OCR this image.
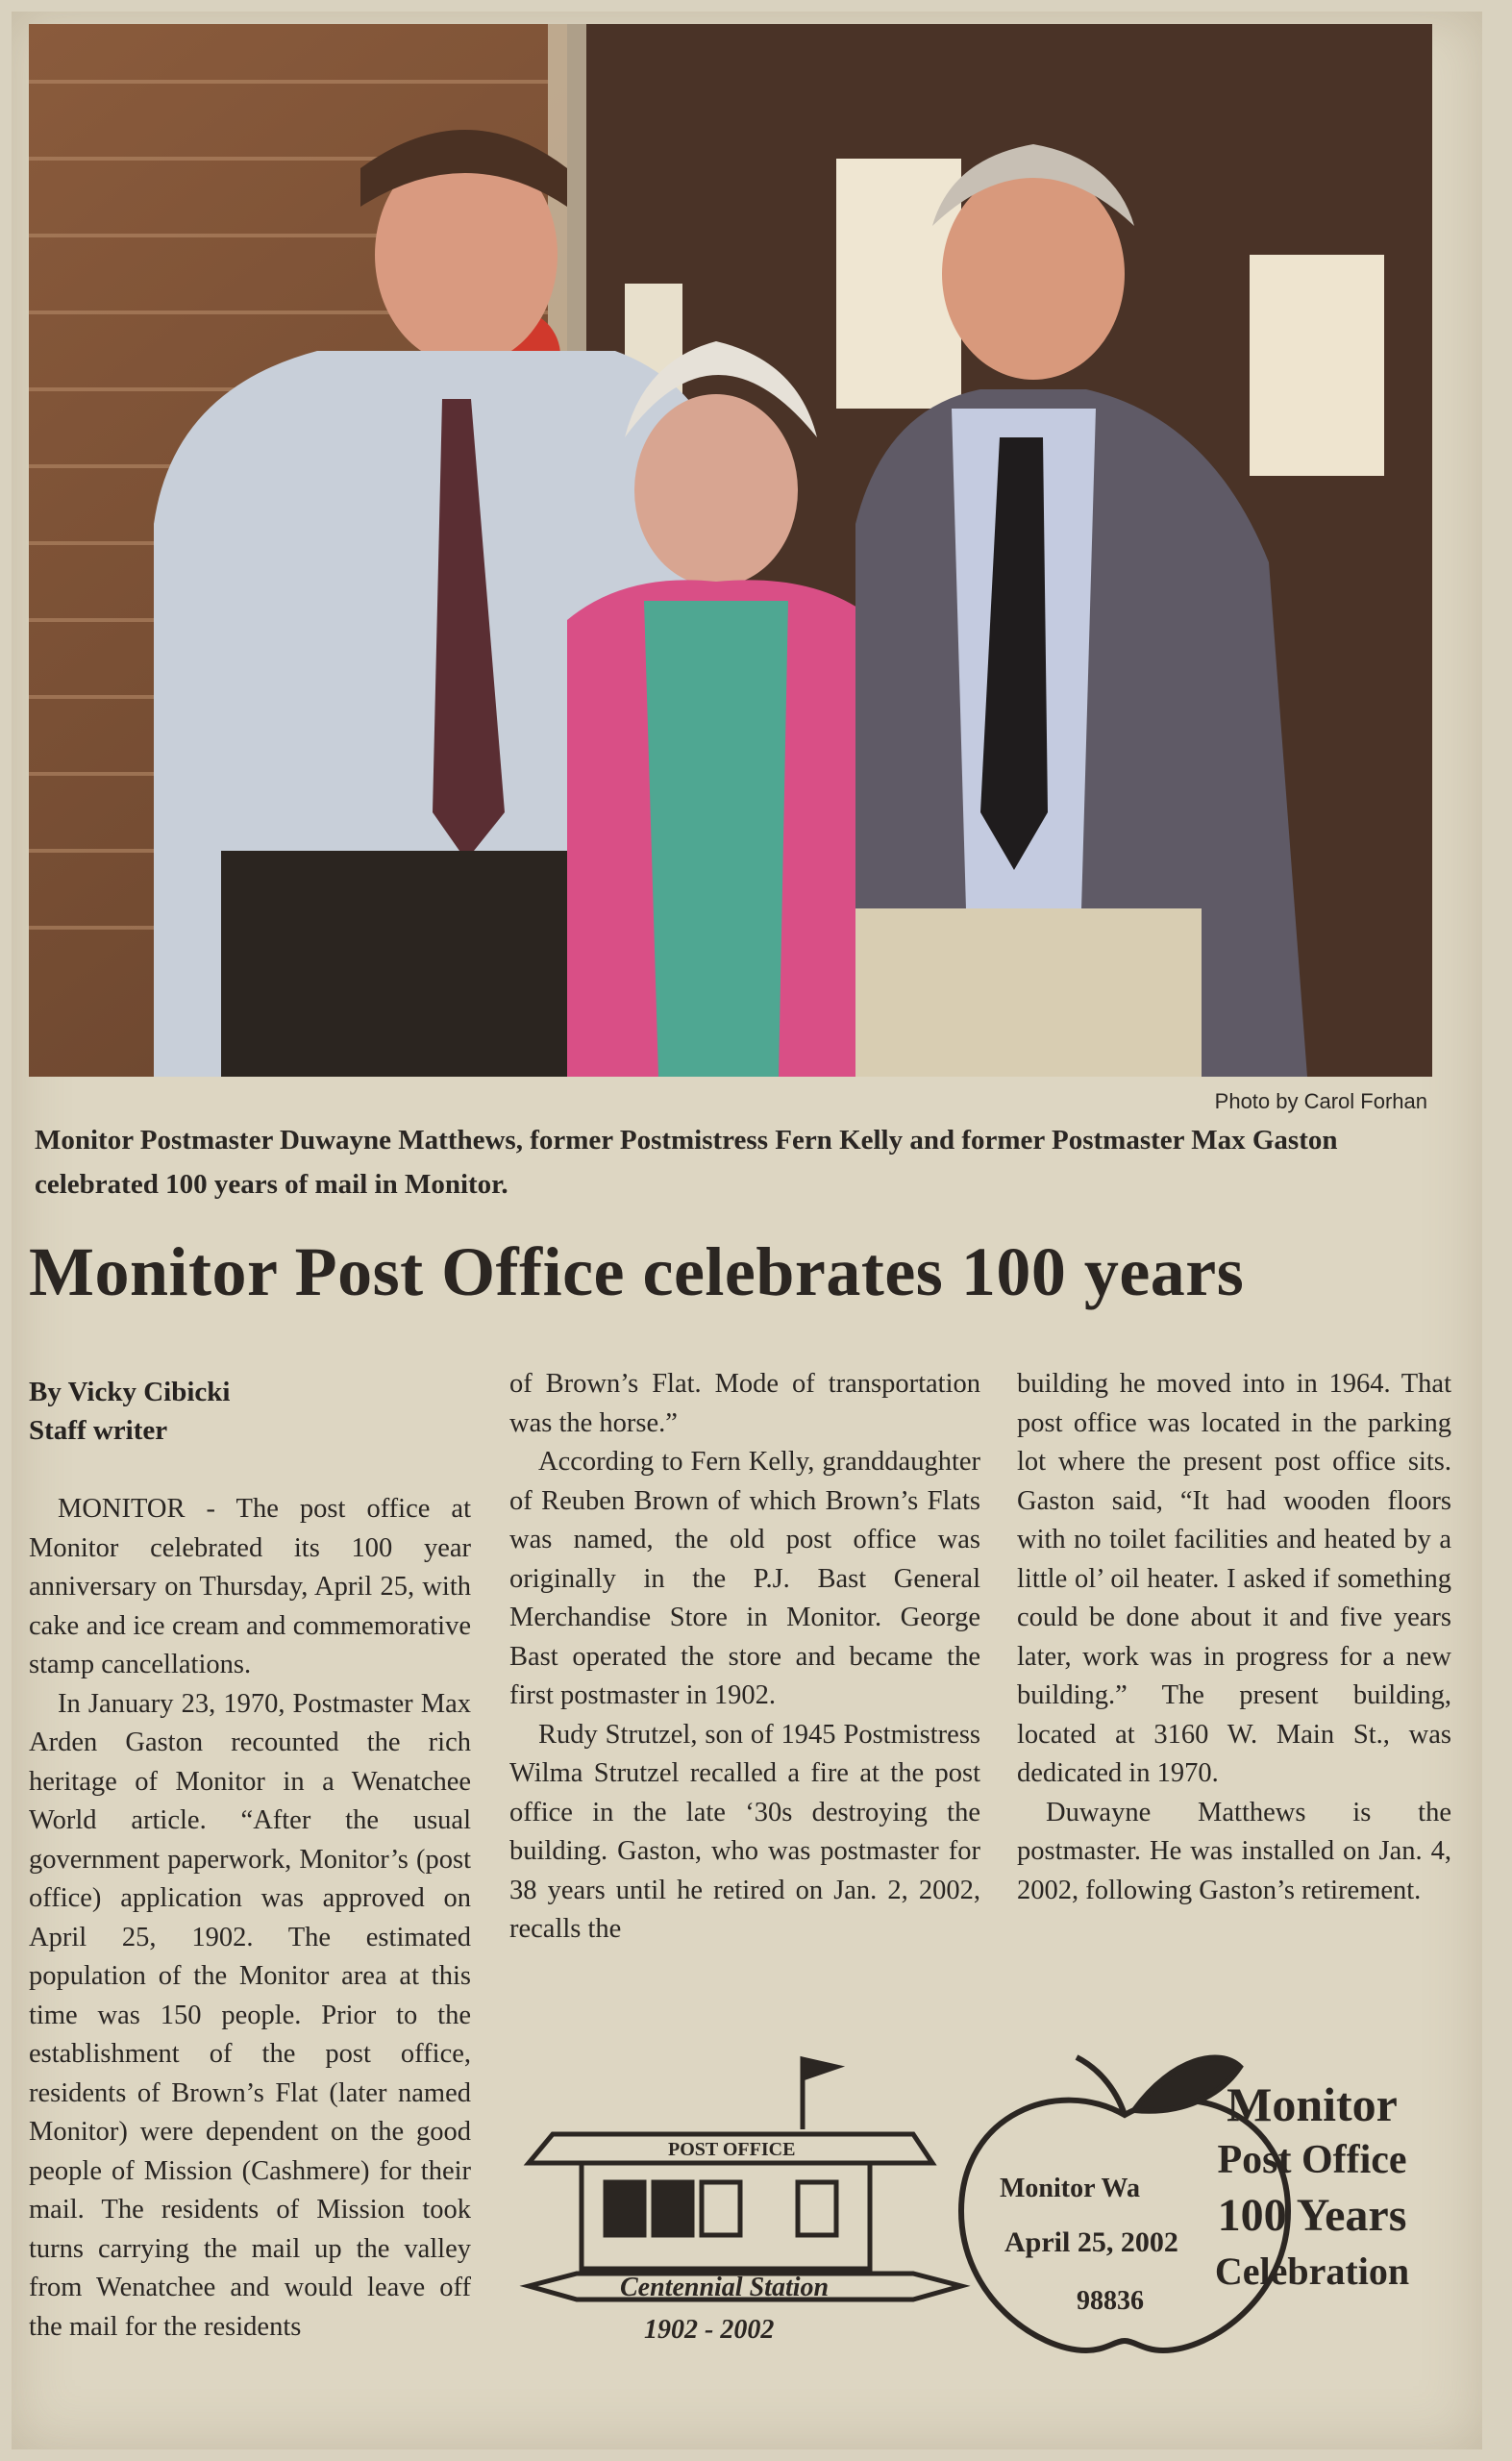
Photo by Carol Forhan
Monitor Postmaster Duwayne Matthews, former Postmistress Fern Kelly and former Postmaster Max Gaston celebrated 100 years of mail in Monitor.
Monitor Post Office celebrates 100 years
By Vicky Cibicki
Staff writer

MONITOR - The post office at Monitor celebrated its 100 year anniversary on Thursday, April 25, with cake and ice cream and commemorative stamp cancellations.

In January 23, 1970, Postmaster Max Arden Gaston recounted the rich heritage of Monitor in a Wenatchee World article. “After the usual government paperwork, Monitor’s (post office) application was approved on April 25, 1902. The estimated population of the Monitor area at this time was 150 people. Prior to the establishment of the post office, residents of Brown’s Flat (later named Monitor) were dependent on the good people of Mission (Cashmere) for their mail. The residents of Mission took turns carrying the mail up the valley from Wenatchee and would leave off the mail for the residents

of Brown’s Flat. Mode of transportation was the horse.”

According to Fern Kelly, granddaughter of Reuben Brown of which Brown’s Flats was named, the old post office was originally in the P.J. Bast General Merchandise Store in Monitor. George Bast operated the store and became the first postmaster in 1902.

Rudy Strutzel, son of 1945 Postmistress Wilma Strutzel recalled a fire at the post office in the late ‘30s destroying the building. Gaston, who was postmaster for 38 years until he retired on Jan. 2, 2002, recalls the

building he moved into in 1964. That post office was located in the parking lot where the present post office sits. Gaston said, “It had wooden floors with no toilet facilities and heated by a little ol’ oil heater. I asked if something could be done about it and five years later, work was in progress for a new building.” The present building, located at 3160 W. Main St., was dedicated in 1970.

Duwayne Matthews is the postmaster. He was installed on Jan. 4, 2002, following Gaston’s retirement.

POST OFFICE
Centennial Station
1902 - 2002
Monitor Wa
April 25, 2002
98836
Monitor
Post Office
100 Years
Celebration
